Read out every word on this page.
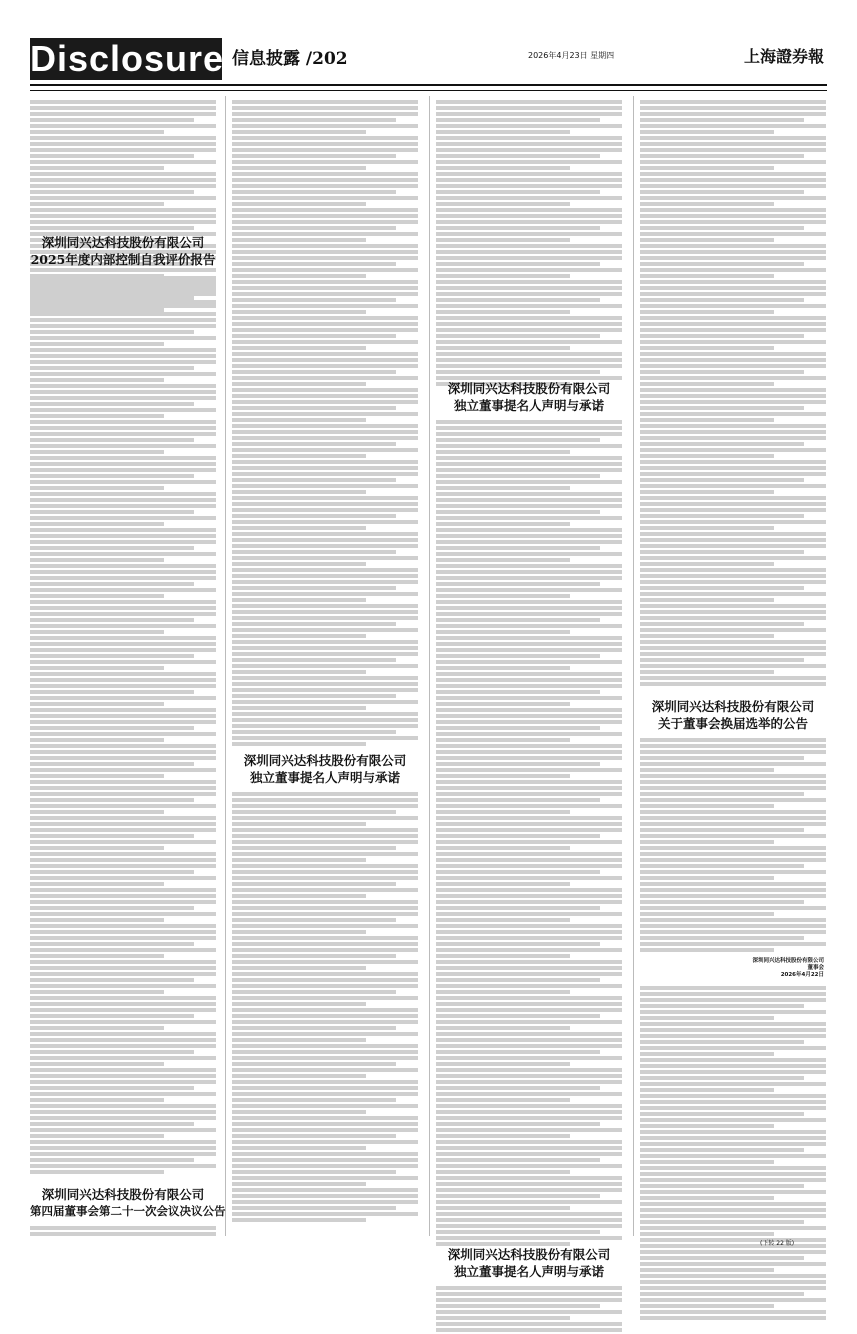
Disclosure 信息披露 /202	2026年4月23日 星期四	上海證券報
深圳同兴达科技股份有限公司
2025年度内部控制自我评价报告
深圳同兴达科技股份有限公司
第四届董事会第二十一次会议决议公告
深圳同兴达科技股份有限公司
独立董事提名人声明与承诺
深圳同兴达科技股份有限公司
独立董事提名人声明与承诺
深圳同兴达科技股份有限公司
独立董事提名人声明与承诺
深圳同兴达科技股份有限公司
关于董事会换届选举的公告
深圳同兴达科技股份有限公司
董事会
2026年4月22日
(下转 22 版)
